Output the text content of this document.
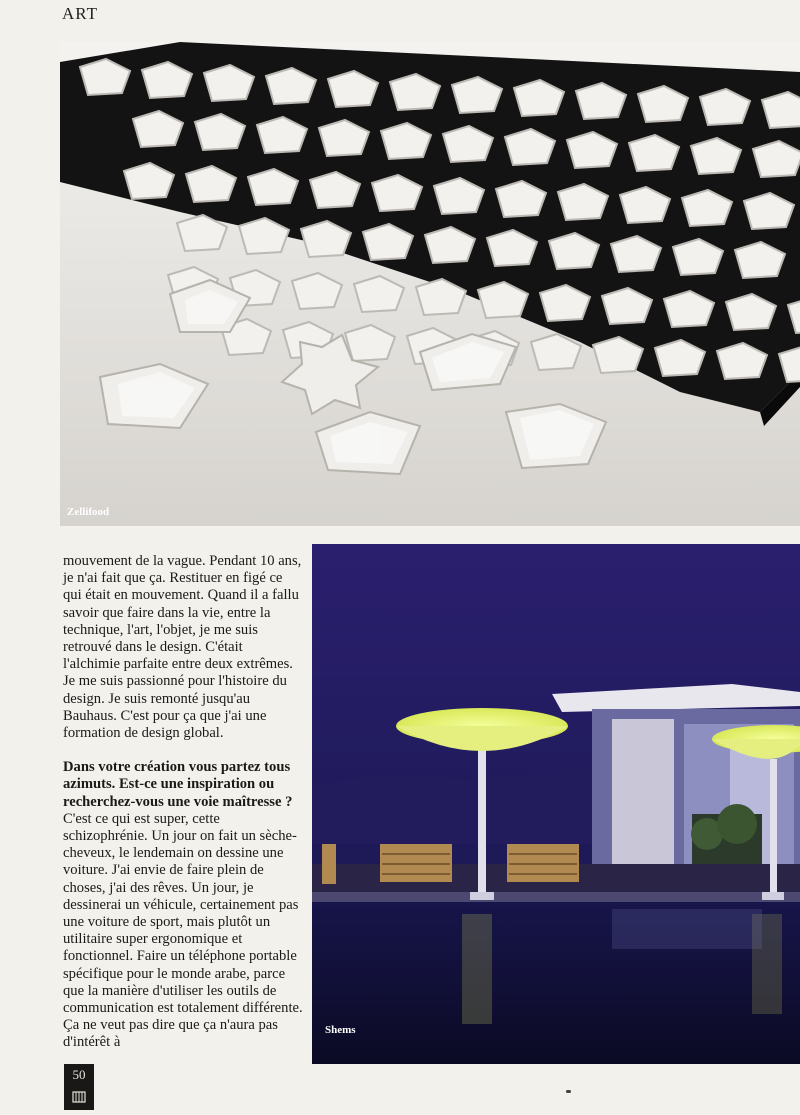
ART
Zellifood

mouvement de la vague. Pendant 10 ans, je n'ai fait que ça. Restituer en figé ce qui était en mouvement. Quand il a fallu savoir que faire dans la vie, entre la technique, l'art, l'objet, je me suis retrouvé dans le design. C'était l'alchimie parfaite entre deux extrêmes. Je me suis passionné pour l'histoire du design. Je suis remonté jusqu'au Bauhaus. C'est pour ça que j'ai une formation de design global.

Dans votre création vous partez tous azimuts. Est-ce une inspiration ou recherchez-vous une voie maîtresse ?

C'est ce qui est super, cette schizophrénie. Un jour on fait un sèche-cheveux, le lendemain on dessine une voiture. J'ai envie de faire plein de choses, j'ai des rêves. Un jour, je dessinerai un véhicule, certainement pas une voiture de sport, mais plutôt un utilitaire super ergonomique et fonctionnel. Faire un téléphone portable spécifique pour le monde arabe, parce que la manière d'utiliser les outils de communication est totalement différente. Ça ne veut pas dire que ça n'aura pas d'intérêt à

Shems
50
